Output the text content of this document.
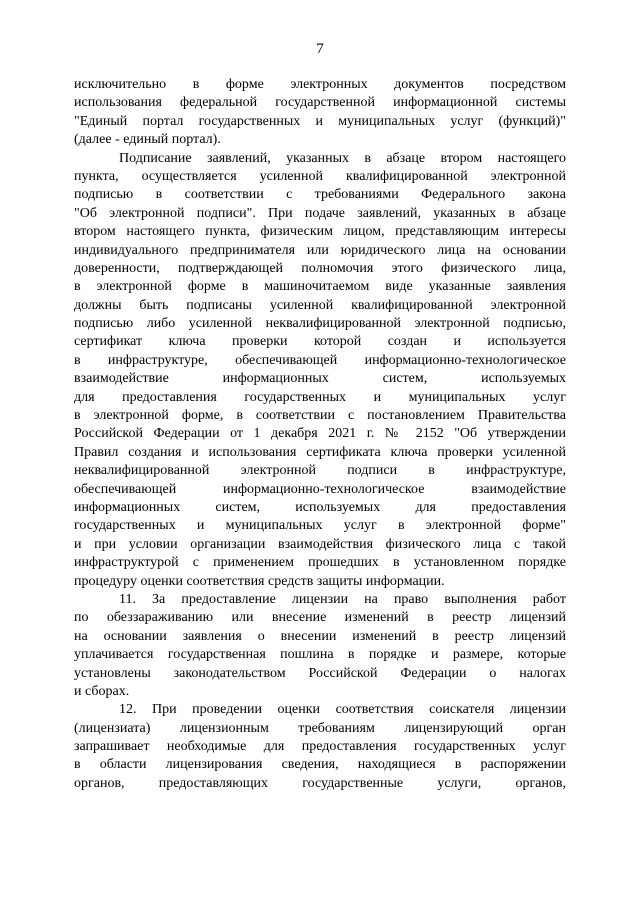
7
исключительно в форме электронных документов посредством
использования федеральной государственной информационной системы
"Единый портал государственных и муниципальных услуг (функций)"
(далее - единый портал).
Подписание заявлений, указанных в абзаце втором настоящего
пункта, осуществляется усиленной квалифицированной электронной
подписью в соответствии с требованиями Федерального закона
"Об электронной подписи". При подаче заявлений, указанных в абзаце
втором настоящего пункта, физическим лицом, представляющим интересы
индивидуального предпринимателя или юридического лица на основании
доверенности, подтверждающей полномочия этого физического лица,
в электронной форме в машиночитаемом виде указанные заявления
должны быть подписаны усиленной квалифицированной электронной
подписью либо усиленной неквалифицированной электронной подписью,
сертификат ключа проверки которой создан и используется
в инфраструктуре, обеспечивающей информационно-технологическое
взаимодействие информационных систем, используемых
для предоставления государственных и муниципальных услуг
в электронной форме, в соответствии с постановлением Правительства
Российской Федерации от 1 декабря 2021 г. № 2152 "Об утверждении
Правил создания и использования сертификата ключа проверки усиленной
неквалифицированной электронной подписи в инфраструктуре,
обеспечивающей информационно-технологическое взаимодействие
информационных систем, используемых для предоставления
государственных и муниципальных услуг в электронной форме"
и при условии организации взаимодействия физического лица с такой
инфраструктурой с применением прошедших в установленном порядке
процедуру оценки соответствия средств защиты информации.
11. За предоставление лицензии на право выполнения работ
по обеззараживанию или внесение изменений в реестр лицензий
на основании заявления о внесении изменений в реестр лицензий
уплачивается государственная пошлина в порядке и размере, которые
установлены законодательством Российской Федерации о налогах
и сборах.
12. При проведении оценки соответствия соискателя лицензии
(лицензиата) лицензионным требованиям лицензирующий орган
запрашивает необходимые для предоставления государственных услуг
в области лицензирования сведения, находящиеся в распоряжении
органов, предоставляющих государственные услуги, органов,
